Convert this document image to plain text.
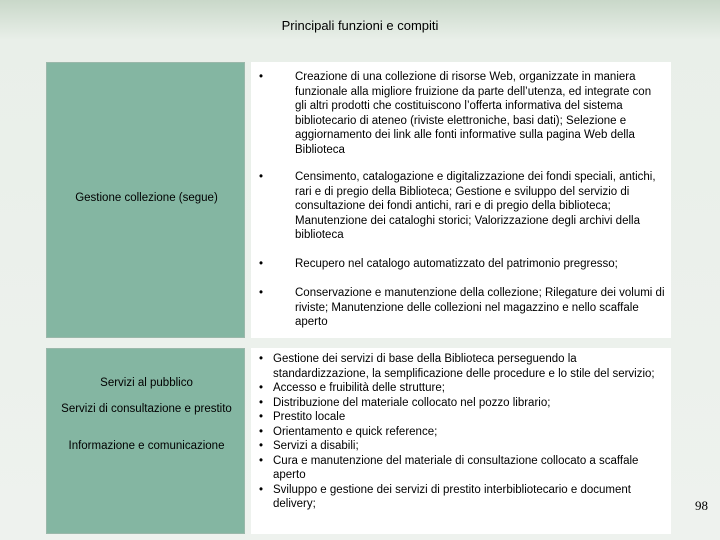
Principali funzioni e compiti
Gestione collezione (segue)
•	Creazione di una collezione di risorse Web, organizzate in maniera funzionale alla migliore fruizione da parte dell’utenza, ed integrate con gli altri prodotti che costituiscono l’offerta informativa del sistema bibliotecario di ateneo (riviste elettroniche, basi dati); Selezione e aggiornamento dei link alle fonti informative sulla pagina Web della Biblioteca
•	Censimento, catalogazione e digitalizzazione dei fondi speciali, antichi, rari e di pregio della Biblioteca; Gestione e sviluppo del servizio di consultazione dei fondi antichi, rari e di pregio della biblioteca; Manutenzione dei cataloghi storici; Valorizzazione degli archivi della biblioteca
•	Recupero nel catalogo automatizzato del patrimonio pregresso;
•	Conservazione e manutenzione della collezione; Rilegature dei volumi di riviste; Manutenzione delle collezioni nel magazzino e nello scaffale aperto
Servizi al pubblico
Servizi di consultazione e prestito
Informazione e comunicazione
• Gestione dei servizi di base della Biblioteca perseguendo la standardizzazione, la semplificazione delle procedure e lo stile del servizio;
• Accesso e fruibilità delle strutture;
• Distribuzione del materiale collocato nel pozzo librario;
• Prestito locale
• Orientamento e quick reference;
• Servizi a disabili;
• Cura e manutenzione del materiale di consultazione collocato a scaffale aperto
• Sviluppo e gestione dei servizi di prestito interbibliotecario e document delivery;	98
